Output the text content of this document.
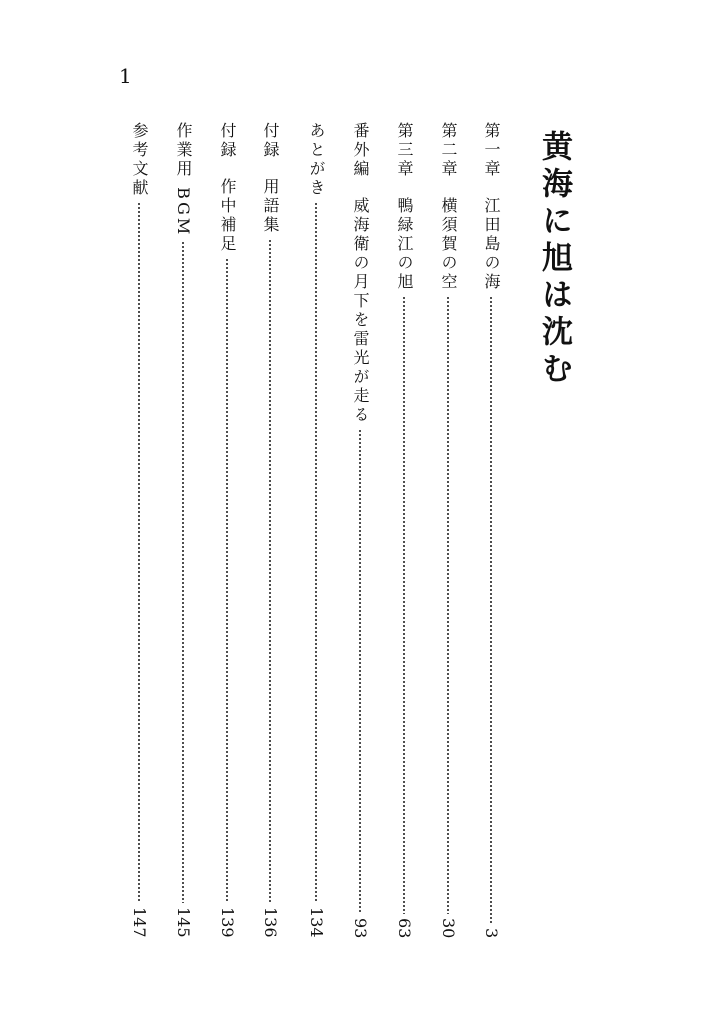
1
黄海に旭は沈む
第一章
江田島の海
3
第二章
横須賀の空
30
第三章
鴨緑江の旭
63
番外編
威海衛の月下を雷光が走る
93
あとがき
134
付録
用語集
136
付録
作中補足
139
作業用 BGM
145
参考文献
147
